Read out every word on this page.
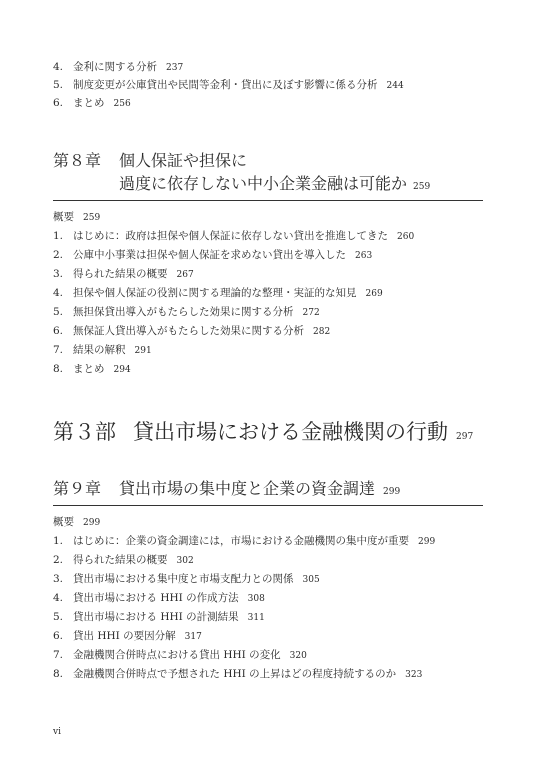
4. 金利に関する分析 237
5. 制度変更が公庫貸出や民間等金利・貸出に及ぼす影響に係る分析 244
6. まとめ 256
第８章 個人保証や担保に
過度に依存しない中小企業金融は可能か 259
概要 259
1. はじめに：政府は担保や個人保証に依存しない貸出を推進してきた 260
2. 公庫中小事業は担保や個人保証を求めない貸出を導入した 263
3. 得られた結果の概要 267
4. 担保や個人保証の役割に関する理論的な整理・実証的な知見 269
5. 無担保貸出導入がもたらした効果に関する分析 272
6. 無保証人貸出導入がもたらした効果に関する分析 282
7. 結果の解釈 291
8. まとめ 294
第３部 貸出市場における金融機関の行動 297
第９章 貸出市場の集中度と企業の資金調達 299
概要 299
1. はじめに：企業の資金調達には，市場における金融機関の集中度が重要 299
2. 得られた結果の概要 302
3. 貸出市場における集中度と市場支配力との関係 305
4. 貸出市場における HHI の作成方法 308
5. 貸出市場における HHI の計測結果 311
6. 貸出 HHI の要因分解 317
7. 金融機関合併時点における貸出 HHI の変化 320
8. 金融機関合併時点で予想された HHI の上昇はどの程度持続するのか 323
vi
